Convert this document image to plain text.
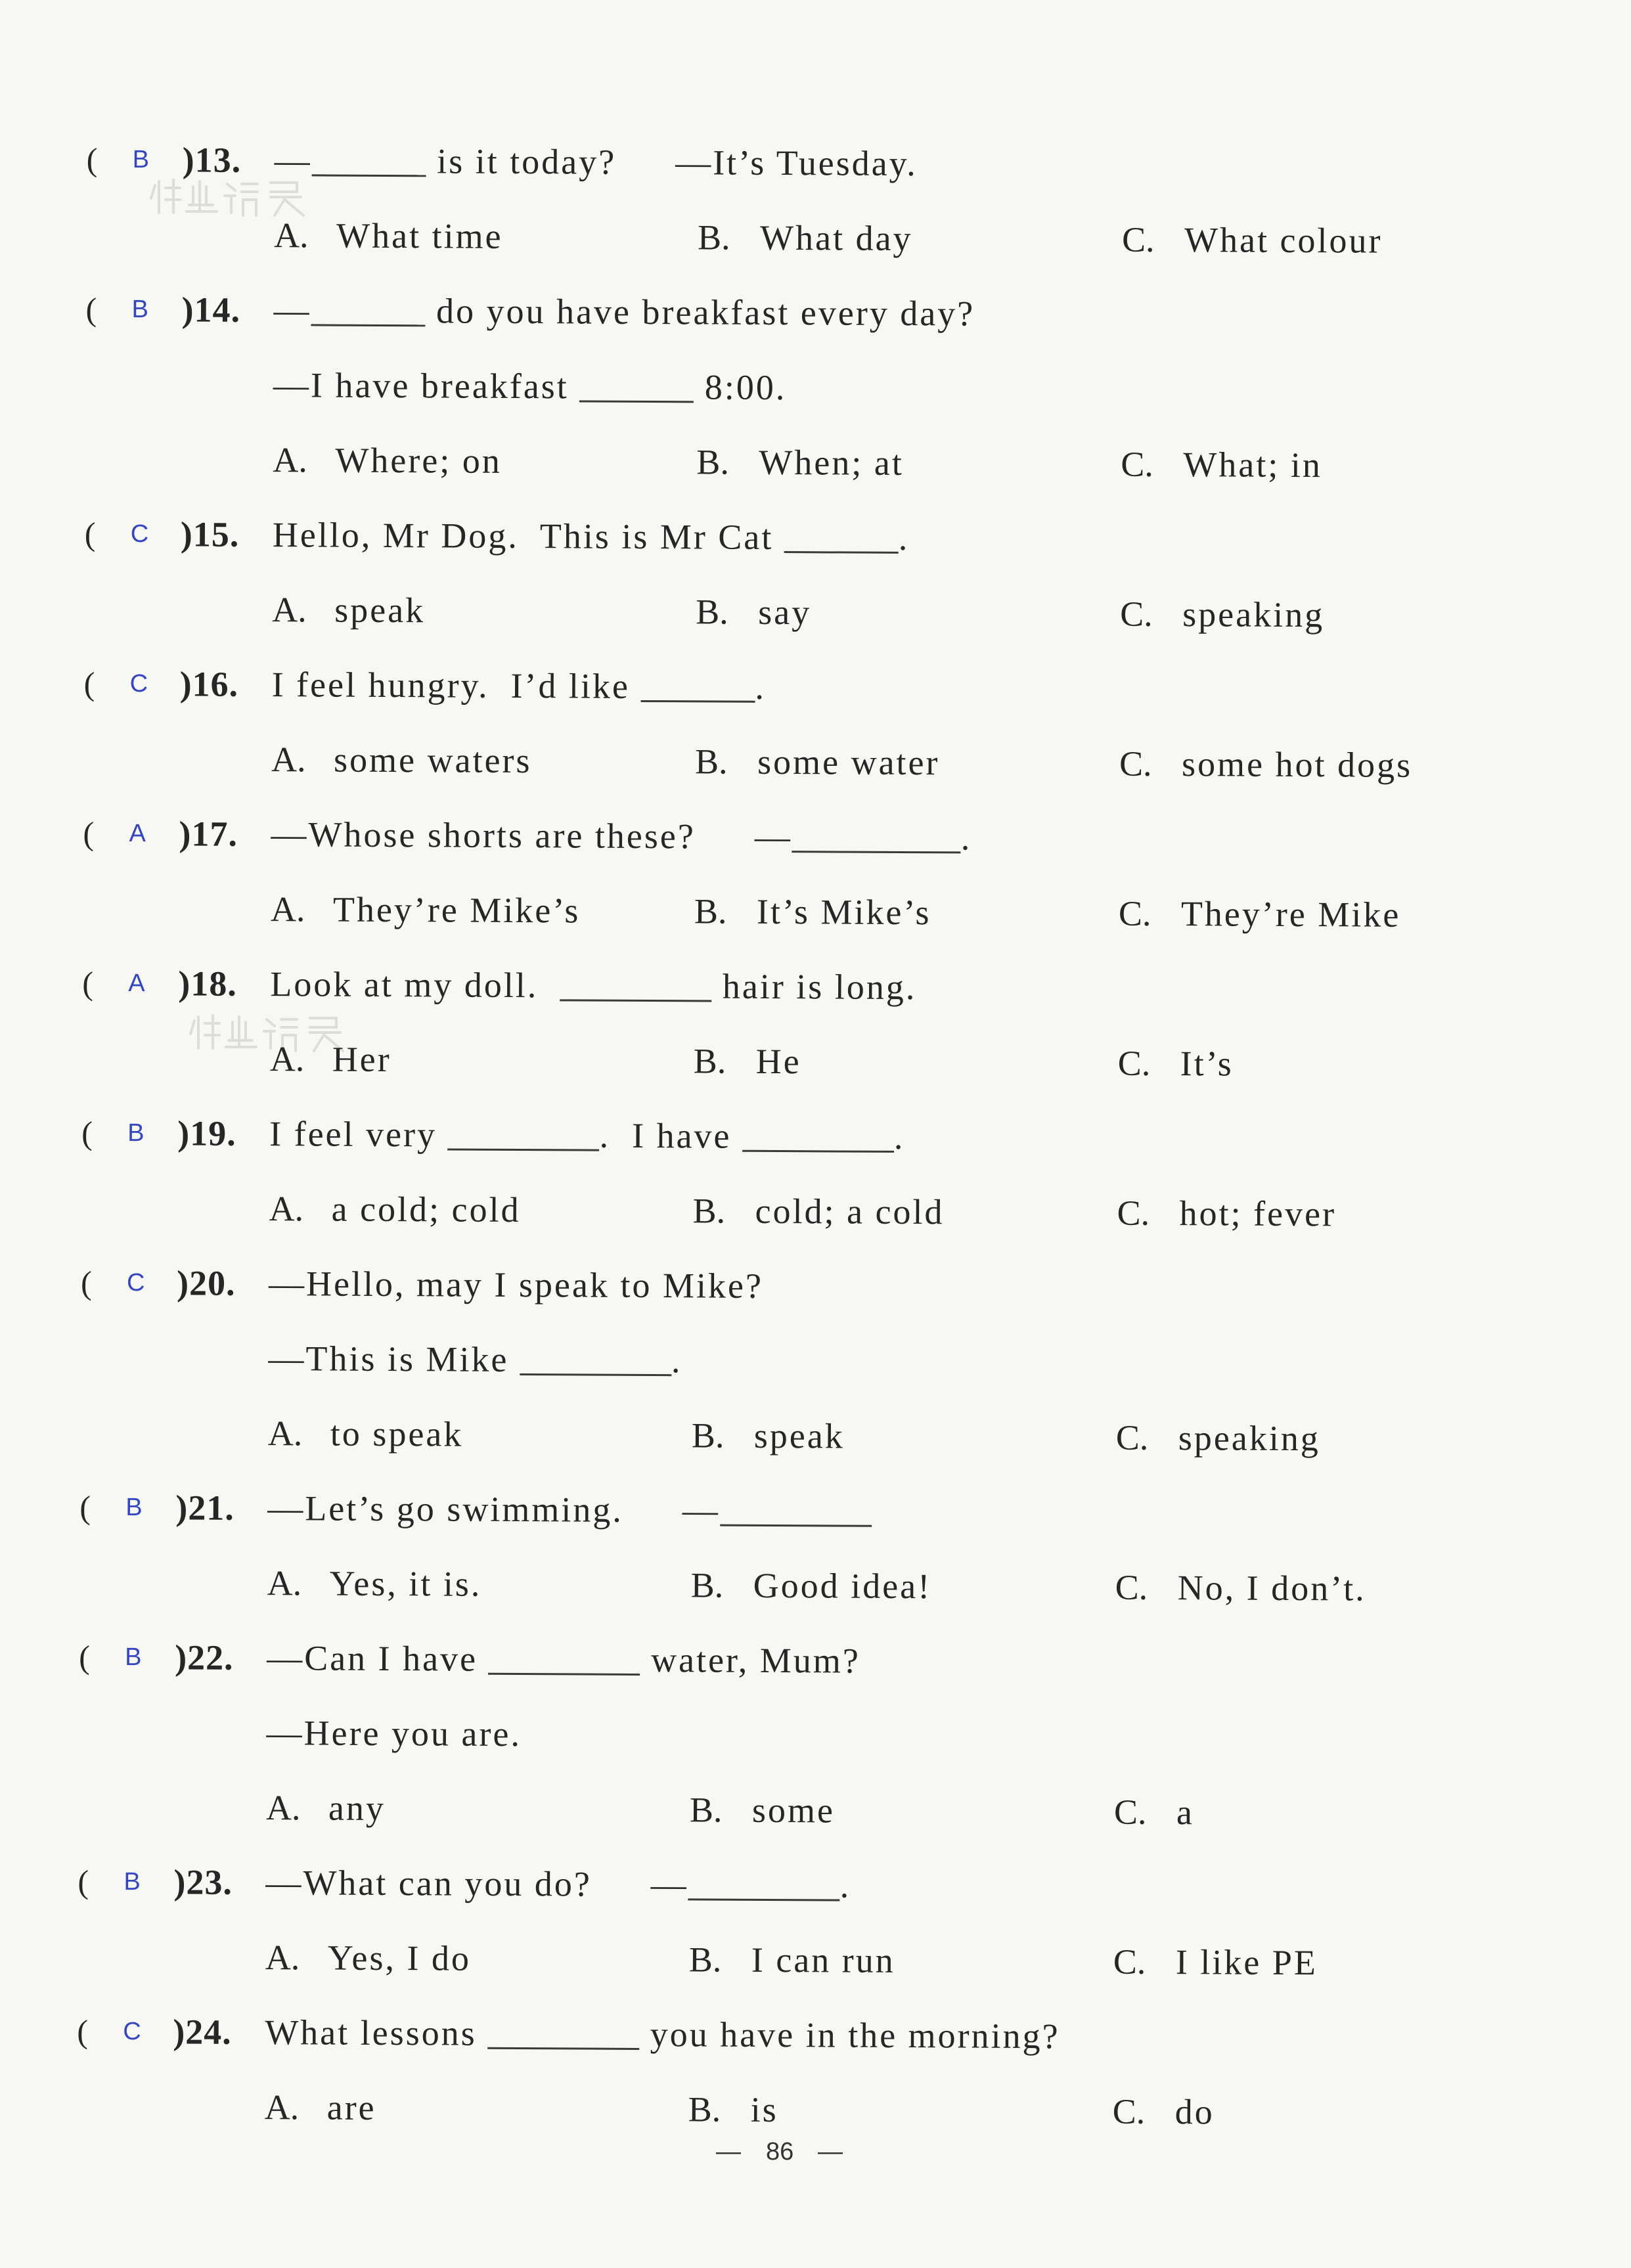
( B )13. —	is it today? —It’s Tuesday.
A. What time	B. What day	C. What colour
( B )14. —	do you have breakfast every day?
—I have breakfast	8:00.
A. Where; on	B. When; at	C. What; in
( C )15. Hello, Mr Dog.  This is Mr Cat	.
A. speak	B. say	C. speaking
( C )16. I feel hungry.  I’d like	.
A. some waters	B. some water	C. some hot dogs
( A )17. —Whose shorts are these? —	.
A. They’re Mike’s	B. It’s Mike’s	C. They’re Mike
( A )18. Look at my doll.	hair is long.
A. Her	B. He	C. It’s
( B )19. I feel very	.  I have	.
A. a cold; cold	B. cold; a cold	C. hot; fever
( C )20. —Hello, may I speak to Mike?
—This is Mike	.
A. to speak	B. speak	C. speaking
( B )21. —Let’s go swimming. —
A. Yes, it is.	B. Good idea!	C. No, I don’t.
( B )22. —Can I have	water, Mum?
—Here you are.
A. any	B. some	C. a
( B )23. —What can you do? —	.
A. Yes, I do	B. I can run	C. I like PE
( C )24. What lessons	you have in the morning?
A. are	B. is	C. do
— 86 —
